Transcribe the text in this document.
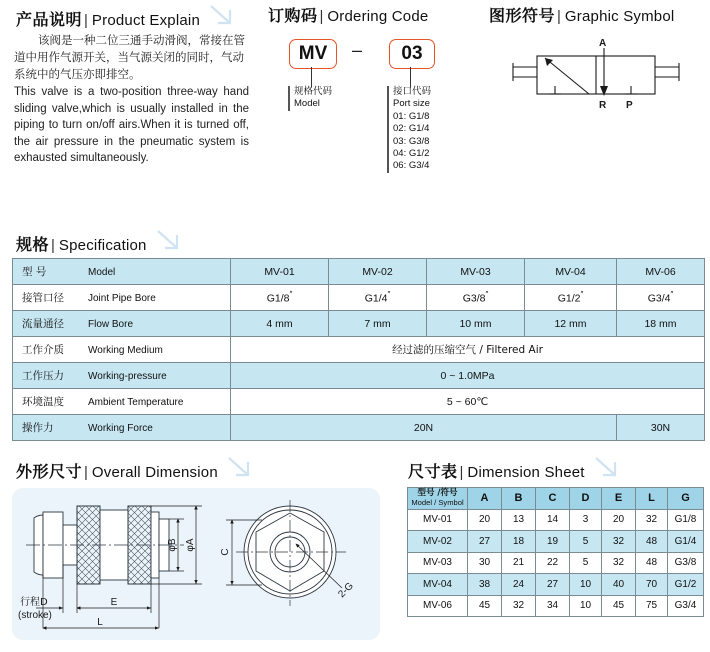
产品说明 | Product Explain
该阀是一种二位三通手动滑阀，常接在管道中用作气源开关，当气源关闭的同时，气动系统中的气压亦即排空。
This valve is a two-position three-way hand sliding valve,which is usually installed in the piping to turn on/off airs.When it is turned off, the air pressure in the pneumatic system is exhausted simultaneously.
订购码 | Ordering Code
MV	–	03
规格代码
Model
接口代码
Port size
01: G1/8
02: G1/4
03: G3/8
04: G1/2
06: G3/4
图形符号 | Graphic Symbol
A
R P
规格 | Specification
型 号 Model	MV-01	MV-02	MV-03	MV-04	MV-06
接管口径 Joint Pipe Bore	G1/8″	G1/4″	G3/8″	G1/2″	G3/4″
流量通径 Flow Bore	4 mm	7 mm	10 mm	12 mm	18 mm
工作介质 Working Medium	经过滤的压缩空气 / Filtered Air				
工作压力 Working-pressure	0 ~ 1.0MPa				
环境温度 Ambient Temperature	5 ~ 60℃				
操作力 Working Force	20N				30N
外形尺寸 | Overall Dimension
φB φA
E
行程D
(stroke)
L
C
2-G
尺寸表 | Dimension Sheet
型号 /符号
Model / Symbol	A	B	C	D	E	L	G
MV-01	20	13	14	3	20	32	G1/8
MV-02	27	18	19	5	32	48	G1/4
MV-03	30	21	22	5	32	48	G3/8
MV-04	38	24	27	10	40	70	G1/2
MV-06	45	32	34	10	45	75	G3/4
